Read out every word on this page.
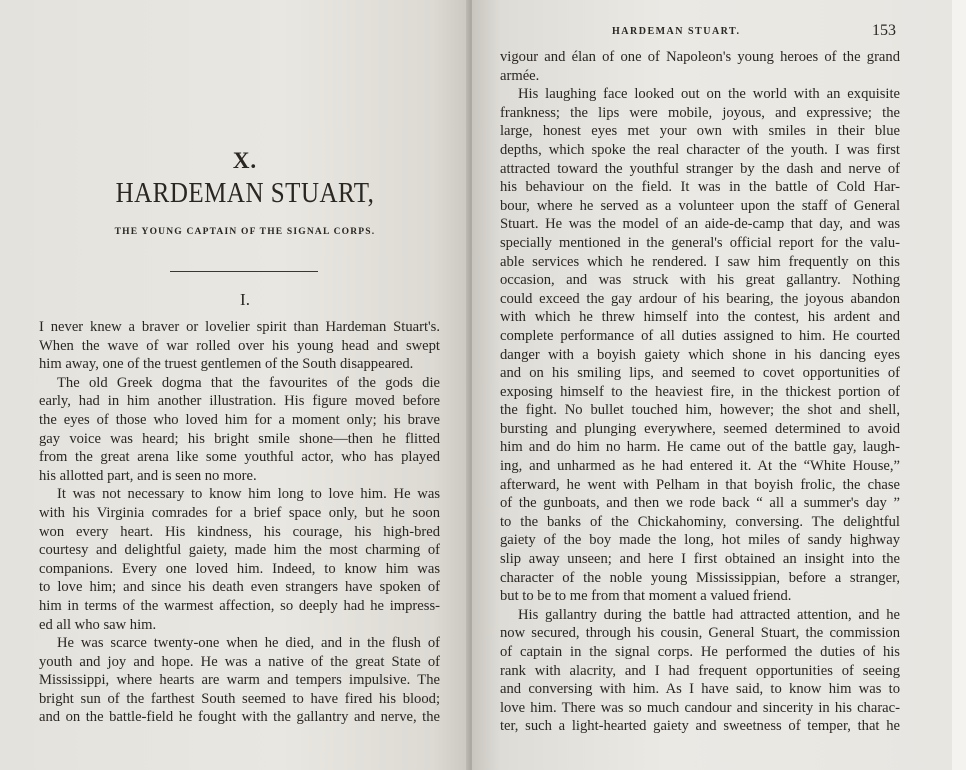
X.
HARDEMAN STUART,
THE YOUNG CAPTAIN OF THE SIGNAL CORPS.
I.
I never knew a braver or lovelier spirit than Hardeman Stuart's.
When the wave of war rolled over his young head and swept
him away, one of the truest gentlemen of the South disappeared.
The old Greek dogma that the favourites of the gods die
early, had in him another illustration. His figure moved before
the eyes of those who loved him for a moment only; his brave
gay voice was heard; his bright smile shone—then he flitted
from the great arena like some youthful actor, who has played
his allotted part, and is seen no more.
It was not necessary to know him long to love him. He was
with his Virginia comrades for a brief space only, but he soon
won every heart. His kindness, his courage, his high-bred
courtesy and delightful gaiety, made him the most charming of
companions. Every one loved him. Indeed, to know him was
to love him; and since his death even strangers have spoken of
him in terms of the warmest affection, so deeply had he impress-
ed all who saw him.
He was scarce twenty-one when he died, and in the flush of
youth and joy and hope. He was a native of the great State of
Mississippi, where hearts are warm and tempers impulsive. The
bright sun of the farthest South seemed to have fired his blood;
and on the battle-field he fought with the gallantry and nerve, the
HARDEMAN STUART.	153
vigour and élan of one of Napoleon's young heroes of the grand
armée.
His laughing face looked out on the world with an exquisite
frankness; the lips were mobile, joyous, and expressive; the
large, honest eyes met your own with smiles in their blue
depths, which spoke the real character of the youth. I was first
attracted toward the youthful stranger by the dash and nerve of
his behaviour on the field. It was in the battle of Cold Har-
bour, where he served as a volunteer upon the staff of General
Stuart. He was the model of an aide-de-camp that day, and was
specially mentioned in the general's official report for the valu-
able services which he rendered. I saw him frequently on this
occasion, and was struck with his great gallantry. Nothing
could exceed the gay ardour of his bearing, the joyous abandon
with which he threw himself into the contest, his ardent and
complete performance of all duties assigned to him. He courted
danger with a boyish gaiety which shone in his dancing eyes
and on his smiling lips, and seemed to covet opportunities of
exposing himself to the heaviest fire, in the thickest portion of
the fight. No bullet touched him, however; the shot and shell,
bursting and plunging everywhere, seemed determined to avoid
him and do him no harm. He came out of the battle gay, laugh-
ing, and unharmed as he had entered it. At the “White House,”
afterward, he went with Pelham in that boyish frolic, the chase
of the gunboats, and then we rode back “ all a summer's day ”
to the banks of the Chickahominy, conversing. The delightful
gaiety of the boy made the long, hot miles of sandy highway
slip away unseen; and here I first obtained an insight into the
character of the noble young Mississippian, before a stranger,
but to be to me from that moment a valued friend.
His gallantry during the battle had attracted attention, and he
now secured, through his cousin, General Stuart, the commission
of captain in the signal corps. He performed the duties of his
rank with alacrity, and I had frequent opportunities of seeing
and conversing with him. As I have said, to know him was to
love him. There was so much candour and sincerity in his charac-
ter, such a light-hearted gaiety and sweetness of temper, that he
